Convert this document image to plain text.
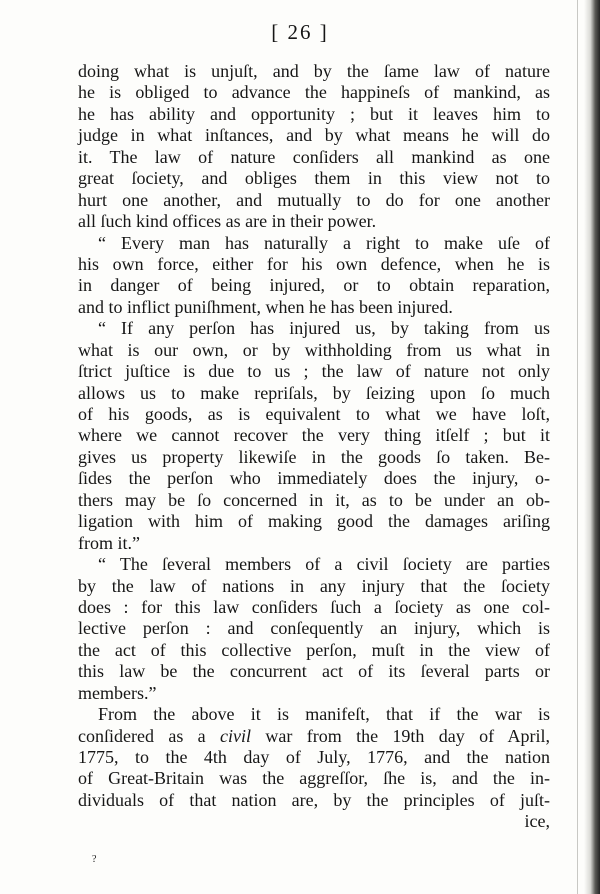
[ 26 ]
doing what is unjuſt, and by the ſame law of nature
he is obliged to advance the happineſs of mankind, as
he has ability and opportunity ; but it leaves him to
judge in what inſtances, and by what means he will do
it. The law of nature conſiders all mankind as one
great ſociety, and obliges them in this view not to
hurt one another, and mutually to do for one another
all ſuch kind offices as are in their power.
“ Every man has naturally a right to make uſe of
his own force, either for his own defence, when he is
in danger of being injured, or to obtain reparation,
and to inflict puniſhment, when he has been injured.
“ If any perſon has injured us, by taking from us
what is our own, or by withholding from us what in
ſtrict juſtice is due to us ; the law of nature not only
allows us to make repriſals, by ſeizing upon ſo much
of his goods, as is equivalent to what we have loſt,
where we cannot recover the very thing itſelf ; but it
gives us property likewiſe in the goods ſo taken. Be-
ſides the perſon who immediately does the injury, o-
thers may be ſo concerned in it, as to be under an ob-
ligation with him of making good the damages ariſing
from it.”
“ The ſeveral members of a civil ſociety are parties
by the law of nations in any injury that the ſociety
does : for this law conſiders ſuch a ſociety as one col-
lective perſon : and conſequently an injury, which is
the act of this collective perſon, muſt in the view of
this law be the concurrent act of its ſeveral parts or
members.”
From the above it is manifeſt, that if the war is
conſidered as a civil war from the 19th day of April,
1775, to the 4th day of July, 1776, and the nation
of Great-Britain was the aggreſſor, ſhe is, and the in-
dividuals of that nation are, by the principles of juſt-
ice,
?
